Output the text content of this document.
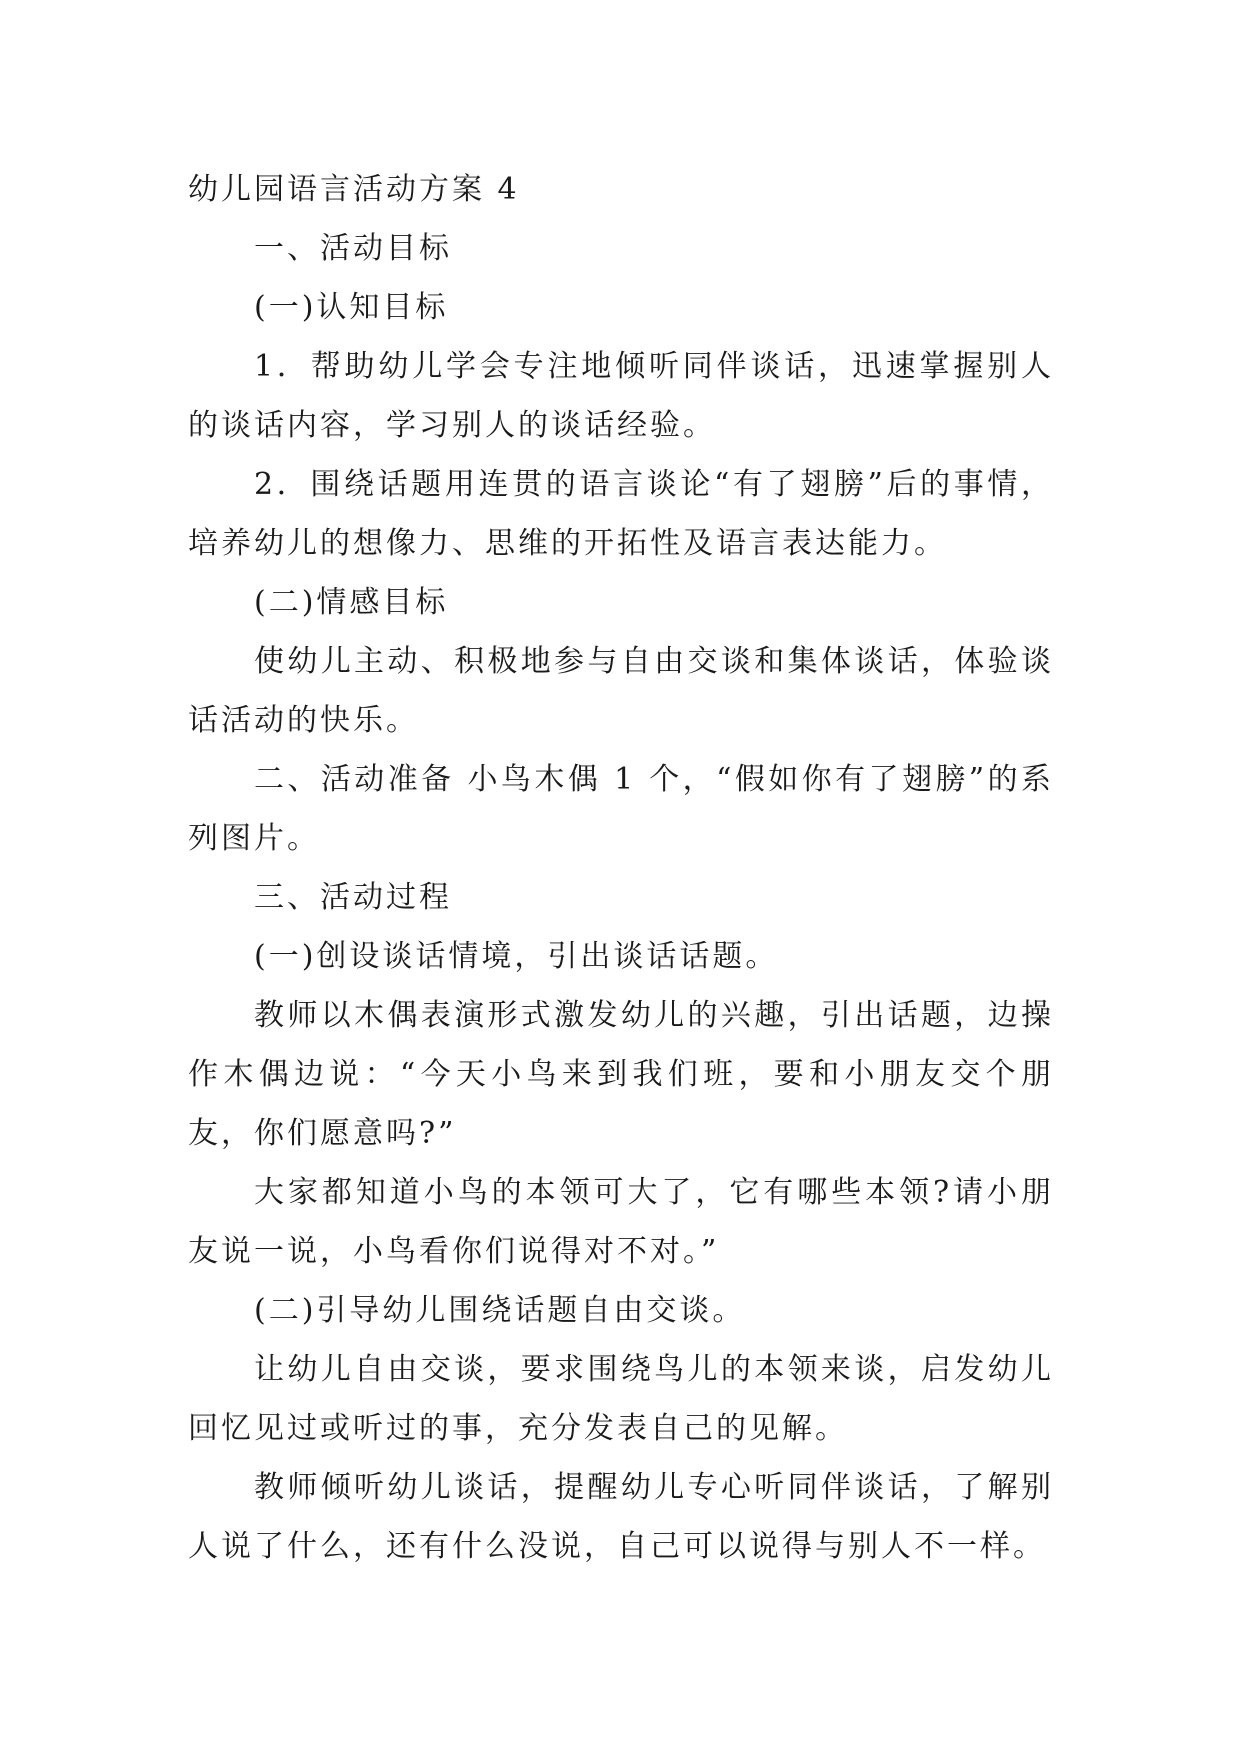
幼儿园语言活动方案 4

一、活动目标

(一)认知目标

1．帮助幼儿学会专注地倾听同伴谈话，迅速掌握别人的谈话内容，学习别人的谈话经验。

2．围绕话题用连贯的语言谈论“有了翅膀”后的事情，培养幼儿的想像力、思维的开拓性及语言表达能力。

(二)情感目标

使幼儿主动、积极地参与自由交谈和集体谈话，体验谈话活动的快乐。

二、活动准备 小鸟木偶 1 个，“假如你有了翅膀”的系列图片。

三、活动过程

(一)创设谈话情境，引出谈话话题。

教师以木偶表演形式激发幼儿的兴趣，引出话题，边操作木偶边说：“今天小鸟来到我们班，要和小朋友交个朋友，你们愿意吗?”

大家都知道小鸟的本领可大了，它有哪些本领?请小朋友说一说，小鸟看你们说得对不对。”

(二)引导幼儿围绕话题自由交谈。

让幼儿自由交谈，要求围绕鸟儿的本领来谈，启发幼儿回忆见过或听过的事，充分发表自己的见解。

教师倾听幼儿谈话，提醒幼儿专心听同伴谈话，了解别人说了什么，还有什么没说，自己可以说得与别人不一样。
